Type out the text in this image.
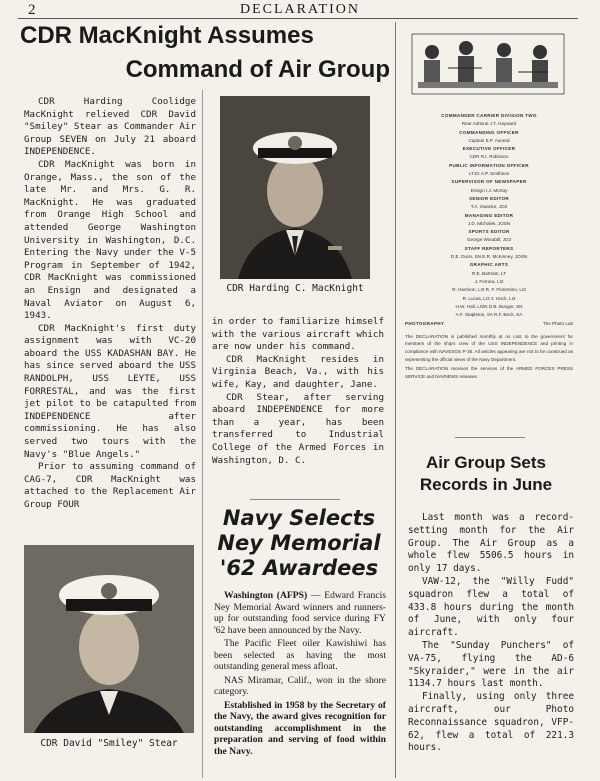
2	DECLARATION
CDR MacKnight Assumes
Command of Air Group

CDR Harding Coolidge MacKnight relieved CDR David "Smiley" Stear as Commander Air Group SEVEN on July 21 aboard INDEPENDENCE.

CDR MacKnight was born in Orange, Mass., the son of the late Mr. and Mrs. G. R. MacKnight. He was graduated from Orange High School and attended George Washington University in Washington, D.C. Entering the Navy under the V-5 Program in September of 1942, CDR MacKnight was commissioned an Ensign and designated a Naval Aviator on August 6, 1943.

CDR MacKnight's first duty assignment was with VC-20 aboard the USS KADASHAN BAY. He has since served aboard the USS RANDOLPH, USS LEYTE, USS FORRESTAL, and was the first jet pilot to be catapulted from INDEPENDENCE after commissioning. He has also served two tours with the Navy's "Blue Angels."

Prior to assuming command of CAG-7, CDR MacKnight was attached to the Replacement Air Group FOUR

CDR Harding C. MacKnight

in order to familiarize himself with the various aircraft which are now under his command.

CDR MacKnight resides in Virginia Beach, Va., with his wife, Kay, and daughter, Jane.

CDR Stear, after serving aboard INDEPENDENCE for more than a year, has been transferred to Industrial College of the Armed Forces in Washington, D. C.

CDR David "Smiley" Stear
Navy Selects
Ney Memorial
'62 Awardees

Washington (AFPS) — Edward Francis Ney Memorial Award winners and runners-up for outstanding food service during FY '62 have been announced by the Navy.

The Pacific Fleet oiler Kawishiwi has been selected as having the most outstanding general mess afloat.

NAS Miramar, Calif., won in the shore category.

Established in 1958 by the Secretary of the Navy, the award gives recognition for outstanding accomplishment in the preparation and serving of food within the Navy.

COMMANDER CARRIER DIVISION TWO
Rear Admiral J.T. Hayward
COMMANDING OFFICER
Captain E.P. Aurand
EXECUTIVE OFFICER
CDR R.I. Robinson
PUBLIC INFORMATION OFFICER
LTJG A.P. Smithson
SUPERVISOR OF NEWSPAPER
Ensign I.J. McKay
SENIOR EDITOR
T.A. Swanke, JO2
MANAGING EDITOR
J.D. Michalek, JOSN
SPORTS EDITOR
George Woodall, JO3
STAFF REPORTERS
D.E. Dunn, SN E.R. McKinney, JOSN
GRAPHIC ARTS
R.E. Bartram, LT
J. Ferrara, LI2
R. Harrison, LI3 R. F. Florentino, LI3
R. Lucas, LI3 J. Hoch, LI3
H.W. Hall, LISN D.B. Bunger, SN
A.F. Stapleton, SA R.F. Beck, SA
PHOTOGRAPHY	The Photo Lab
The DECLARATION is published monthly at no cost to the government for members of the ship's crew of the USS INDEPENDENCE and printing in compliance with NAVEXOS P-35. All articles appearing are not to be construed as representing the official views of the Navy Department.
The DECLARATION receives the services of the ARMED FORCES PRESS SERVICE and NAVNEWS releases.
Air Group Sets
Records in June

Last month was a record-setting month for the Air Group. The Air Group as a whole flew 5506.5 hours in only 17 days.

VAW-12, the "Willy Fudd" squadron flew a total of 433.8 hours during the month of June, with only four aircraft.

The "Sunday Punchers" of VA-75, flying the AD-6 "Skyraider," were in the air 1134.7 hours last month.

Finally, using only three aircraft, our Photo Reconnaissance squadron, VFP-62, flew a total of 221.3 hours.
